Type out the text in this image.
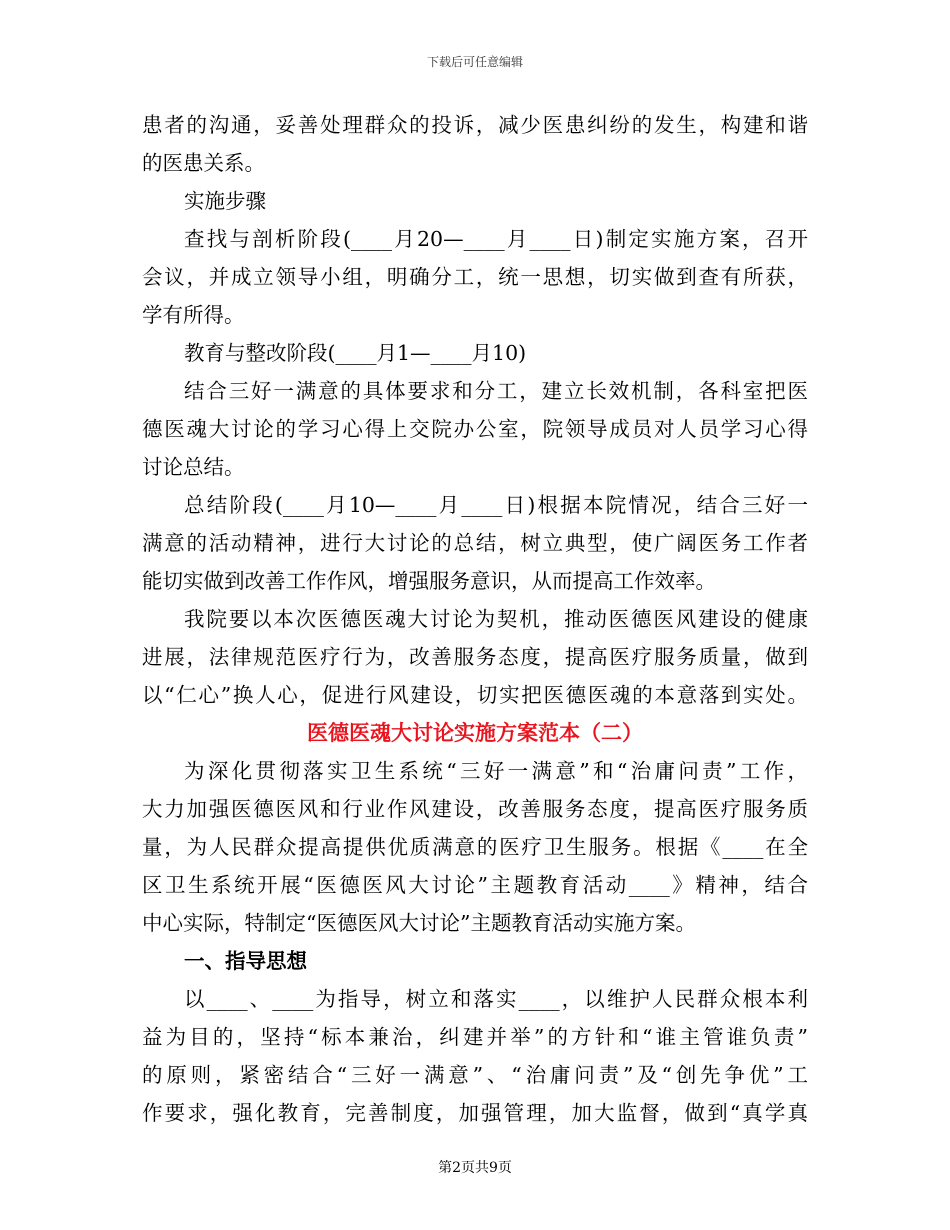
下载后可任意编辑
患者的沟通，妥善处理群众的投诉，减少医患纠纷的发生，构建和谐
的医患关系。
实施步骤
查找与剖析阶段(____月20—____月____日)制定实施方案，召开
会议，并成立领导小组，明确分工，统一思想，切实做到查有所获，
学有所得。
教育与整改阶段(____月1—____月10)
结合三好一满意的具体要求和分工，建立长效机制，各科室把医
德医魂大讨论的学习心得上交院办公室，院领导成员对人员学习心得
讨论总结。
总结阶段(____月10—____月____日)根据本院情况，结合三好一
满意的活动精神，进行大讨论的总结，树立典型，使广阔医务工作者
能切实做到改善工作作风，增强服务意识，从而提高工作效率。
我院要以本次医德医魂大讨论为契机，推动医德医风建设的健康
进展，法律规范医疗行为，改善服务态度，提高医疗服务质量，做到
以“仁心”换人心，促进行风建设，切实把医德医魂的本意落到实处。
医德医魂大讨论实施方案范本（二）
为深化贯彻落实卫生系统“三好一满意”和“治庸问责”工作，
大力加强医德医风和行业作风建设，改善服务态度，提高医疗服务质
量，为人民群众提高提供优质满意的医疗卫生服务。根据《____在全
区卫生系统开展“医德医风大讨论”主题教育活动____》精神，结合
中心实际，特制定“医德医风大讨论”主题教育活动实施方案。
一、指导思想
以____、____为指导，树立和落实____，以维护人民群众根本利
益为目的，坚持“标本兼治，纠建并举”的方针和“谁主管谁负责”
的原则，紧密结合“三好一满意”、“治庸问责”及“创先争优”工
作要求，强化教育，完善制度，加强管理，加大监督，做到“真学真
第2页共9页
